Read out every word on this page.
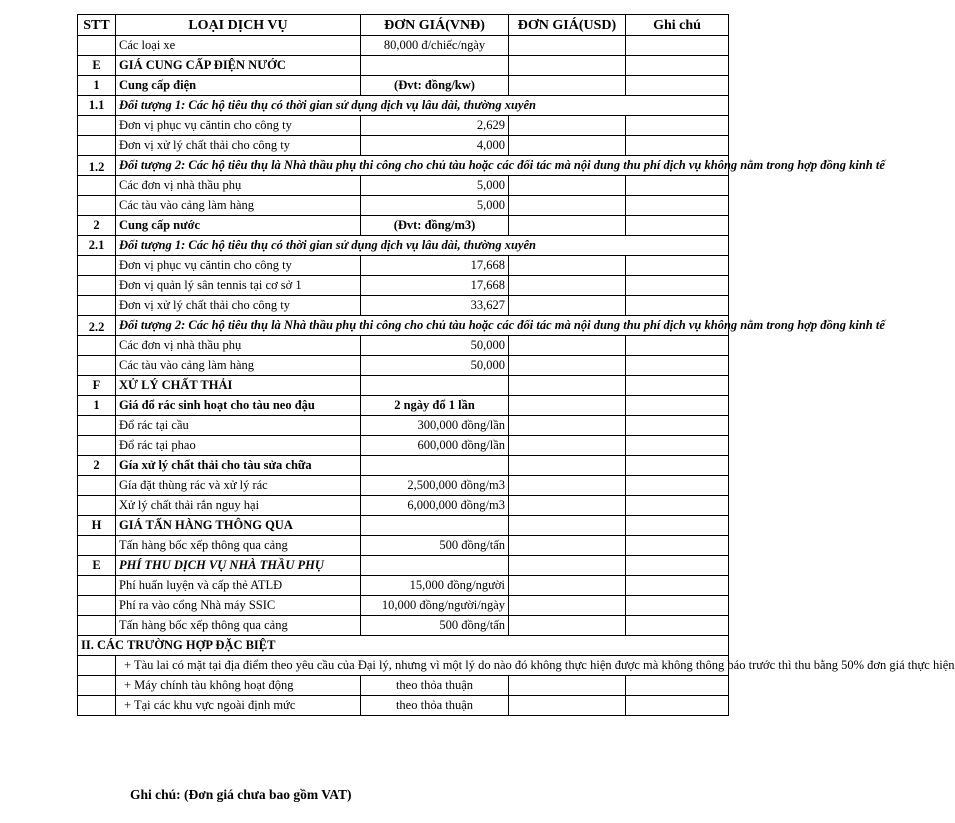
STT	LOẠI DỊCH VỤ	ĐƠN GIÁ(VNĐ)	ĐƠN GIÁ(USD)	Ghi chú
	Các loại xe	80,000 đ/chiếc/ngày		
E	GIÁ CUNG CẤP ĐIỆN NƯỚC			
1	Cung cấp điện	(Đvt: đồng/kw)		
1.1	Đối tượng 1: Các hộ tiêu thụ có thời gian sử dụng dịch vụ lâu dài, thường xuyên			
	Đơn vị phục vụ căntin cho công ty	2,629		
	Đơn vị xử lý chất thải cho công ty	4,000		
1.2	Đối tượng 2: Các hộ tiêu thụ là Nhà thầu phụ thi công cho chủ tàu hoặc các đối tác mà nội dung thu phí dịch vụ không nằm trong hợp đồng kinh tế			
	Các đơn vị nhà thầu phụ	5,000		
	Các tàu vào cảng làm hàng	5,000		
2	Cung cấp nước	(Đvt: đồng/m3)		
2.1	Đối tượng 1: Các hộ tiêu thụ có thời gian sử dụng dịch vụ lâu dài, thường xuyên			
	Đơn vị phục vụ căntin cho công ty	17,668		
	Đơn vị quản lý sân tennis tại cơ sở 1	17,668		
	Đơn vị xử lý chất thải cho công ty	33,627		
2.2	Đối tượng 2: Các hộ tiêu thụ là Nhà thầu phụ thi công cho chủ tàu hoặc các đối tác mà nội dung thu phí dịch vụ không nằm trong hợp đồng kinh tế			
	Các đơn vị nhà thầu phụ	50,000		
	Các tàu vào cảng làm hàng	50,000		
F	XỬ LÝ CHẤT THẢI			
1	Giá đổ rác sinh hoạt cho tàu neo đậu	2 ngày đổ 1 lần		
	Đổ rác tại cầu	300,000 đồng/lần		
	Đổ rác tại phao	600,000 đồng/lần		
2	Gía xử lý chất thải cho tàu sửa chữa			
	Gía đặt thùng rác và xử lý rác	2,500,000 đồng/m3		
	Xử lý chất thải rắn nguy hại	6,000,000 đồng/m3		
H	GIÁ TẤN HÀNG THÔNG QUA			
	Tấn hàng bốc xếp thông qua cảng	500 đồng/tấn		
E	PHÍ THU DỊCH VỤ NHÀ THẦU PHỤ			
	Phí huấn luyện và cấp thẻ ATLĐ	15,000 đồng/người		
	Phí ra vào cổng Nhà máy SSIC	10,000 đồng/người/ngày		
	Tấn hàng bốc xếp thông qua cảng	500 đồng/tấn		
II. CÁC TRƯỜNG HỢP ĐẶC BIỆT				
	+ Tàu lai có mặt tại địa điểm theo yêu cầu của Đại lý, nhưng vì một lý do nào đó không thực hiện được mà không thông báo trước thì thu bằng 50% đơn giá thực hiện			
	+ Máy chính tàu không hoạt động	theo thỏa thuận		
	+ Tại các khu vực ngoài định mức	theo thỏa thuận		
Ghi chú: (Đơn giá chưa bao gồm VAT)
